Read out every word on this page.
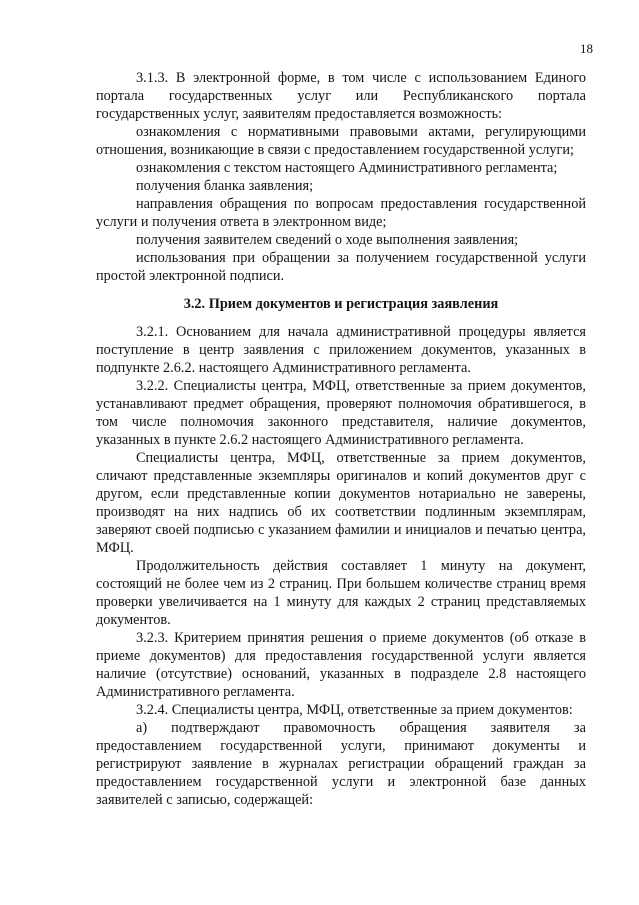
18

3.1.3. В электронной форме, в том числе с использованием Единого портала государственных услуг или Республиканского портала государственных услуг, заявителям предоставляется возможность:

ознакомления с нормативными правовыми актами, регулирующими отношения, возникающие в связи с предоставлением государственной услуги;

ознакомления с текстом настоящего Административного регламента;

получения бланка заявления;

направления обращения по вопросам предоставления государственной услуги и получения ответа в электронном виде;

получения заявителем сведений о ходе выполнения заявления;

использования при обращении за получением государственной услуги простой электронной подписи.

3.2. Прием документов и регистрация заявления

3.2.1. Основанием для начала административной процедуры является поступление в центр заявления с приложением документов, указанных в подпункте 2.6.2. настоящего Административного регламента.

3.2.2. Специалисты центра, МФЦ, ответственные за прием документов, устанавливают предмет обращения, проверяют полномочия обратившегося, в том числе полномочия законного представителя, наличие документов, указанных в пункте 2.6.2 настоящего Административного регламента.

Специалисты центра, МФЦ, ответственные за прием документов, сличают представленные экземпляры оригиналов и копий документов друг с другом, если представленные копии документов нотариально не заверены, производят на них надпись об их соответствии подлинным экземплярам, заверяют своей подписью с указанием фамилии и инициалов и печатью центра, МФЦ.

Продолжительность действия составляет 1 минуту на документ, состоящий не более чем из 2 страниц. При большем количестве страниц время проверки увеличивается на 1 минуту для каждых 2 страниц представляемых документов.

3.2.3. Критерием принятия решения о приеме документов (об отказе в приеме документов) для предоставления государственной услуги является наличие (отсутствие) оснований, указанных в подразделе 2.8 настоящего Административного регламента.

3.2.4. Специалисты центра, МФЦ, ответственные за прием документов:

а) подтверждают правомочность обращения заявителя за предоставлением государственной услуги, принимают документы и регистрируют заявление в журналах регистрации обращений граждан за предоставлением государственной услуги и электронной базе данных заявителей с записью, содержащей:
